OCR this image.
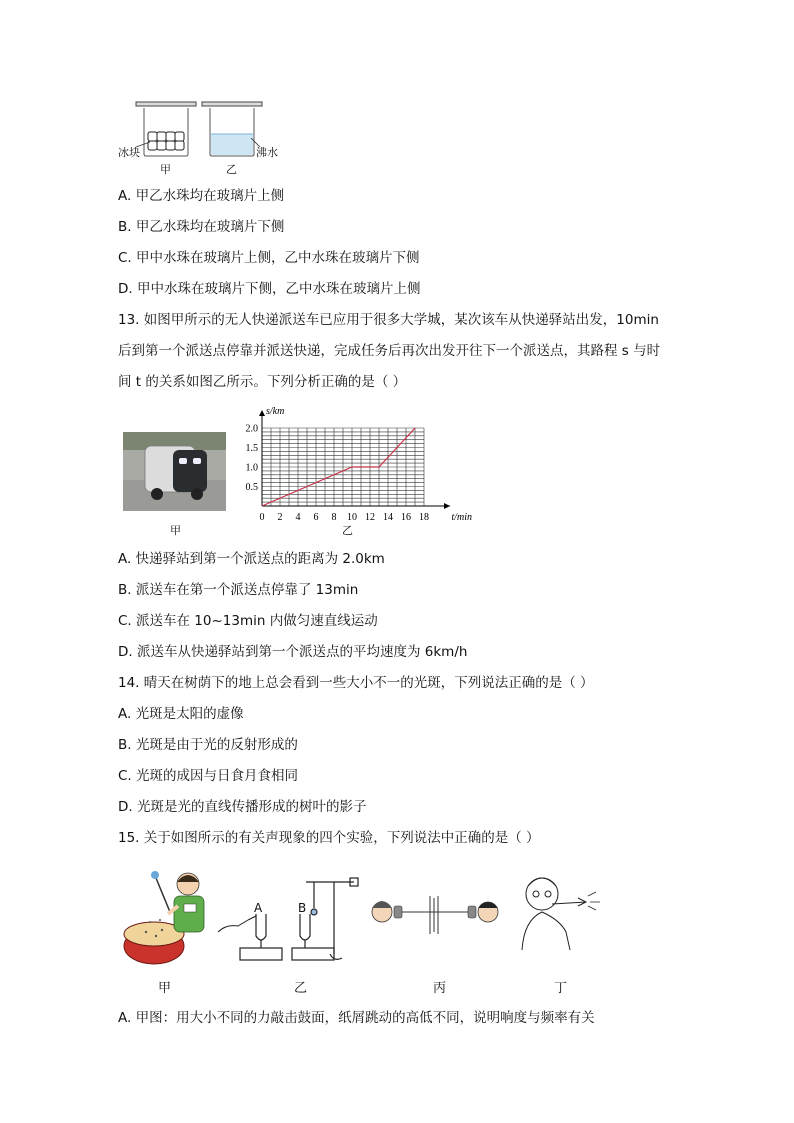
冰块	沸水
甲	乙
A. 甲乙水珠均在玻璃片上侧
B. 甲乙水珠均在玻璃片下侧
C. 甲中水珠在玻璃片上侧，乙中水珠在玻璃片下侧
D. 甲中水珠在玻璃片下侧，乙中水珠在玻璃片上侧
13. 如图甲所示的无人快递派送车已应用于很多大学城，某次该车从快递驿站出发，10min
后到第一个派送点停靠并派送快递，完成任务后再次出发开往下一个派送点，其路程 s 与时
间 t 的关系如图乙所示。下列分析正确的是（ ）
甲
0 2 4 6 8 10 12 14 16 18
0.5
1.0
1.5
2.0
t/min
s/km
乙
A. 快递驿站到第一个派送点的距离为 2.0km
B. 派送车在第一个派送点停靠了 13min
C. 派送车在 10~13min 内做匀速直线运动
D. 派送车从快递驿站到第一个派送点的平均速度为 6km/h
14. 晴天在树荫下的地上总会看到一些大小不一的光斑，下列说法正确的是（ ）
A. 光斑是太阳的虚像
B. 光斑是由于光的反射形成的
C. 光斑的成因与日食月食相同
D. 光斑是光的直线传播形成的树叶的影子
15. 关于如图所示的有关声现象的四个实验，下列说法中正确的是（ ）
A	B
甲	乙	丙	丁
A. 甲图：用大小不同的力敲击鼓面，纸屑跳动的高低不同，说明响度与频率有关
